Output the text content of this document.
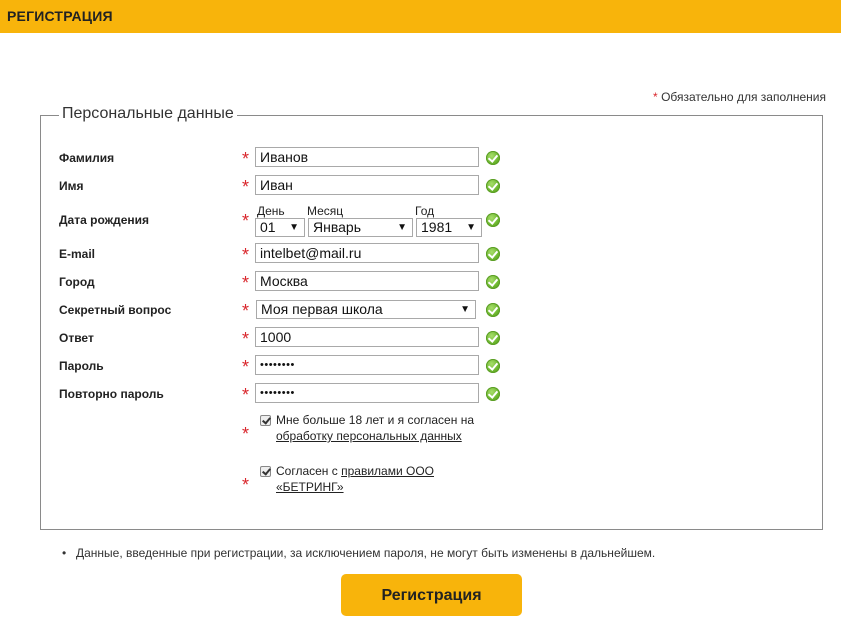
РЕГИСТРАЦИЯ
* Обязательно для заполнения
Персональные данные
Фамилия	* Иванов
Имя	* Иван
Дата рождения	* День Месяц	Год
01 ▼	Январь	▼	1981 ▼
E-mail	* intelbet@mail.ru
Город	* Москва
Секретный вопрос	* Моя первая школа	▼
Ответ	* 1000
Пароль	* ••••••••
Повторно пароль	* ••••••••
*
Мне больше 18 лет и я согласен на
обработку персональных данных
*
Согласен с правилами ООО
«БЕТРИНГ»
• Данные, введенные при регистрации, за исключением пароля, не могут быть изменены в дальнейшем.
Регистрация
